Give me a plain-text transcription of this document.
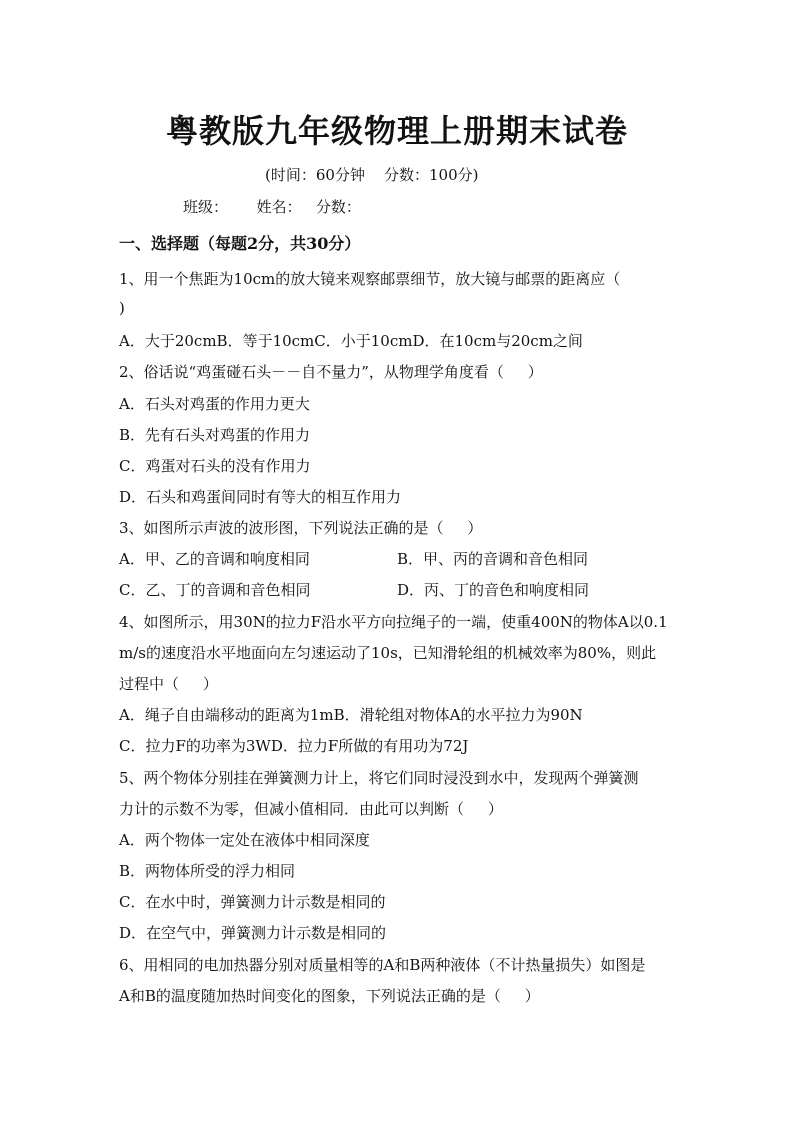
粤教版九年级物理上册期末试卷
(时间：60分钟    分数：100分)
班级：      姓名：   分数：
一、选择题（每题2分，共30分）
1、用一个焦距为10cm的放大镜来观察邮票细节，放大镜与邮票的距离应（
)
A．大于20cmB．等于10cmC．小于10cmD．在10cm与20cm之间
2、俗话说“鸡蛋碰石头－－自不量力”，从物理学角度看（     ）
A．石头对鸡蛋的作用力更大
B．先有石头对鸡蛋的作用力
C．鸡蛋对石头的没有作用力
D．石头和鸡蛋间同时有等大的相互作用力
3、如图所示声波的波形图，下列说法正确的是（     ）
A．甲、乙的音调和响度相同	B．甲、丙的音调和音色相同
C．乙、丁的音调和音色相同	D．丙、丁的音色和响度相同
4、如图所示，用30N的拉力F沿水平方向拉绳子的一端，使重400N的物体A以0.1
m/s的速度沿水平地面向左匀速运动了10s，已知滑轮组的机械效率为80%，则此
过程中（     ）
A．绳子自由端移动的距离为1mB．滑轮组对物体A的水平拉力为90N
C．拉力F的功率为3WD．拉力F所做的有用功为72J
5、两个物体分别挂在弹簧测力计上，将它们同时浸没到水中，发现两个弹簧测
力计的示数不为零，但减小值相同．由此可以判断（     ）
A．两个物体一定处在液体中相同深度
B．两物体所受的浮力相同
C．在水中时，弹簧测力计示数是相同的
D．在空气中，弹簧测力计示数是相同的
6、用相同的电加热器分别对质量相等的A和B两种液体（不计热量损失）如图是
A和B的温度随加热时间变化的图象，下列说法正确的是（     ）
